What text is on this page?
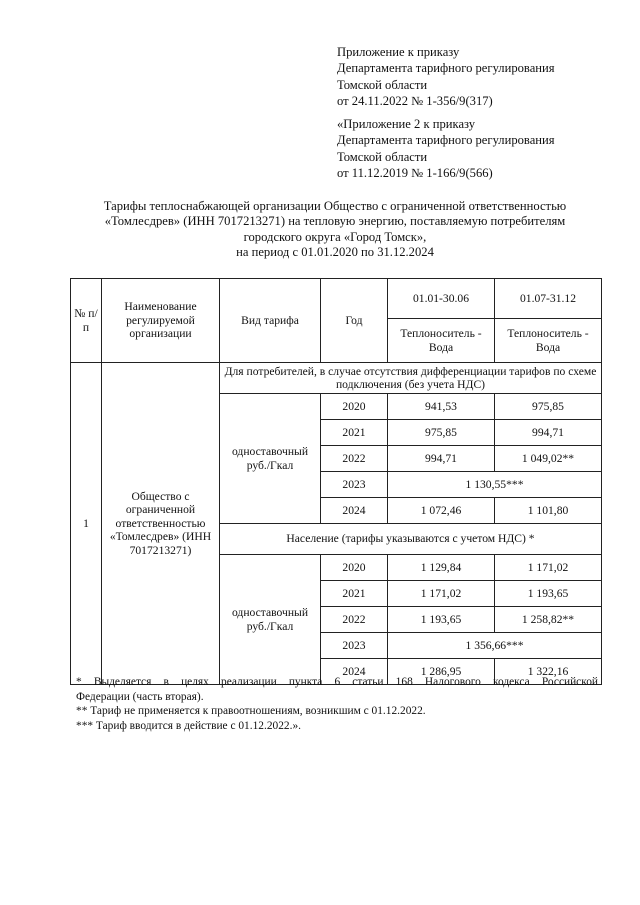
Приложение к приказу
Департамента тарифного регулирования
Томской области
от 24.11.2022 № 1-356/9(317)
«Приложение 2 к приказу
Департамента тарифного регулирования
Томской области
от 11.12.2019 № 1-166/9(566)
Тарифы теплоснабжающей организации Общество с ограниченной ответственностью
«Томлесдрев» (ИНН 7017213271) на тепловую энергию, поставляемую потребителям
городского округа «Город Томск»,
на период с 01.01.2020 по 31.12.2024
№ п/п	Наименование регулируемой организации	Вид тарифа	Год	01.01-30.06	01.07-31.12
				Теплоноситель - Вода	Теплоноситель - Вода
1	Общество с ограниченной ответственностью «Томлесдрев» (ИНН 7017213271)	Для потребителей, в случае отсутствия дифференциации тарифов по схеме подключения (без учета НДС)			
		одноставочный руб./Гкал	2020	941,53	975,85
			2021	975,85	994,71
			2022	994,71	1 049,02**
			2023	1 130,55***	
			2024	1 072,46	1 101,80
		Население (тарифы указываются с учетом НДС) *			
		одноставочный руб./Гкал	2020	1 129,84	1 171,02
			2021	1 171,02	1 193,65
			2022	1 193,65	1 258,82**
			2023	1 356,66***	
			2024	1 286,95	1 322,16
* Выделяется в целях реализации пункта 6 статьи 168 Налогового кодекса Российской
Федерации (часть вторая).
** Тариф не применяется к правоотношениям, возникшим с 01.12.2022.
*** Тариф вводится в действие с 01.12.2022.».
